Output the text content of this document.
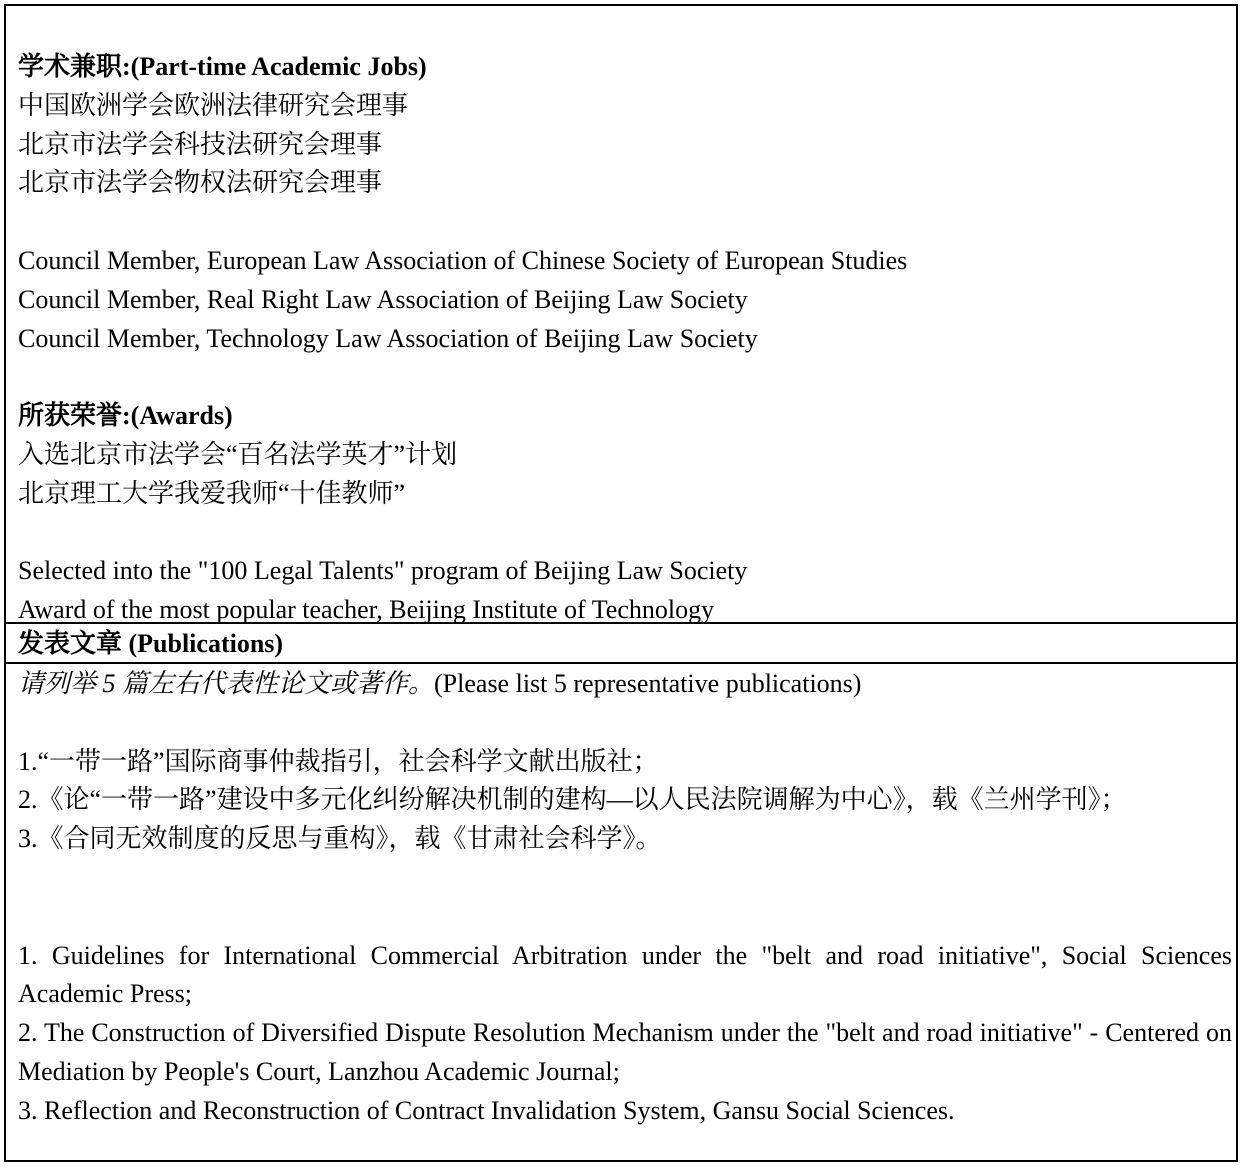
学术兼职:(Part-time Academic Jobs)
中国欧洲学会欧洲法律研究会理事
北京市法学会科技法研究会理事
北京市法学会物权法研究会理事
Council Member, European Law Association of Chinese Society of European Studies
Council Member, Real Right Law Association of Beijing Law Society
Council Member, Technology Law Association of Beijing Law Society
所获荣誉:(Awards)
入选北京市法学会“百名法学英才”计划
北京理工大学我爱我师“十佳教师”
Selected into the "100 Legal Talents" program of Beijing Law Society
Award of the most popular teacher, Beijing Institute of Technology
发表文章 (Publications)
请列举 5 篇左右代表性论文或著作。(Please list 5 representative publications)
1.“一带一路”国际商事仲裁指引，社会科学文献出版社；
2.《论“一带一路”建设中多元化纠纷解决机制的建构—以人民法院调解为中心》，载《兰州学刊》；
3.《合同无效制度的反思与重构》，载《甘肃社会科学》。
1. Guidelines for International Commercial Arbitration under the "belt and road initiative", Social Sciences Academic Press;
2. The Construction of Diversified Dispute Resolution Mechanism under the "belt and road initiative" - Centered on Mediation by People's Court, Lanzhou Academic Journal;
3. Reflection and Reconstruction of Contract Invalidation System, Gansu Social Sciences.
